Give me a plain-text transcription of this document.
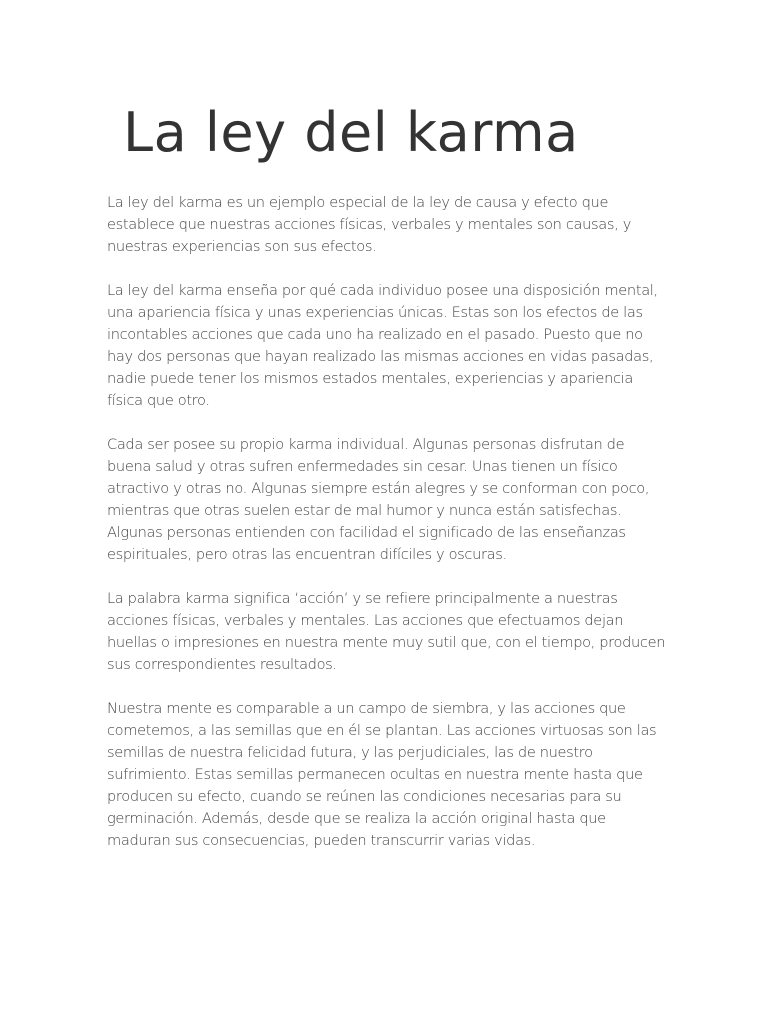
La ley del karma

La ley del karma es un ejemplo especial de la ley de causa y efecto que establece que nuestras acciones físicas, verbales y mentales son causas, y nuestras experiencias son sus efectos.

La ley del karma enseña por qué cada individuo posee una disposición mental, una apariencia física y unas experiencias únicas. Estas son los efectos de las incontables acciones que cada uno ha realizado en el pasado. Puesto que no hay dos personas que hayan realizado las mismas acciones en vidas pasadas, nadie puede tener los mismos estados mentales, experiencias y apariencia física que otro.

Cada ser posee su propio karma individual. Algunas personas disfrutan de buena salud y otras sufren enfermedades sin cesar. Unas tienen un físico atractivo y otras no. Algunas siempre están alegres y se conforman con poco, mientras que otras suelen estar de mal humor y nunca están satisfechas. Algunas personas entienden con facilidad el significado de las enseñanzas espirituales, pero otras las encuentran difíciles y oscuras.

La palabra karma significa ‘acción’ y se refiere principalmente a nuestras acciones físicas, verbales y mentales. Las acciones que efectuamos dejan huellas o impresiones en nuestra mente muy sutil que, con el tiempo, producen sus correspondientes resultados.

Nuestra mente es comparable a un campo de siembra, y las acciones que cometemos, a las semillas que en él se plantan. Las acciones virtuosas son las semillas de nuestra felicidad futura, y las perjudiciales, las de nuestro sufrimiento. Estas semillas permanecen ocultas en nuestra mente hasta que producen su efecto, cuando se reúnen las condiciones necesarias para su germinación. Además, desde que se realiza la acción original hasta que maduran sus consecuencias, pueden transcurrir varias vidas.
